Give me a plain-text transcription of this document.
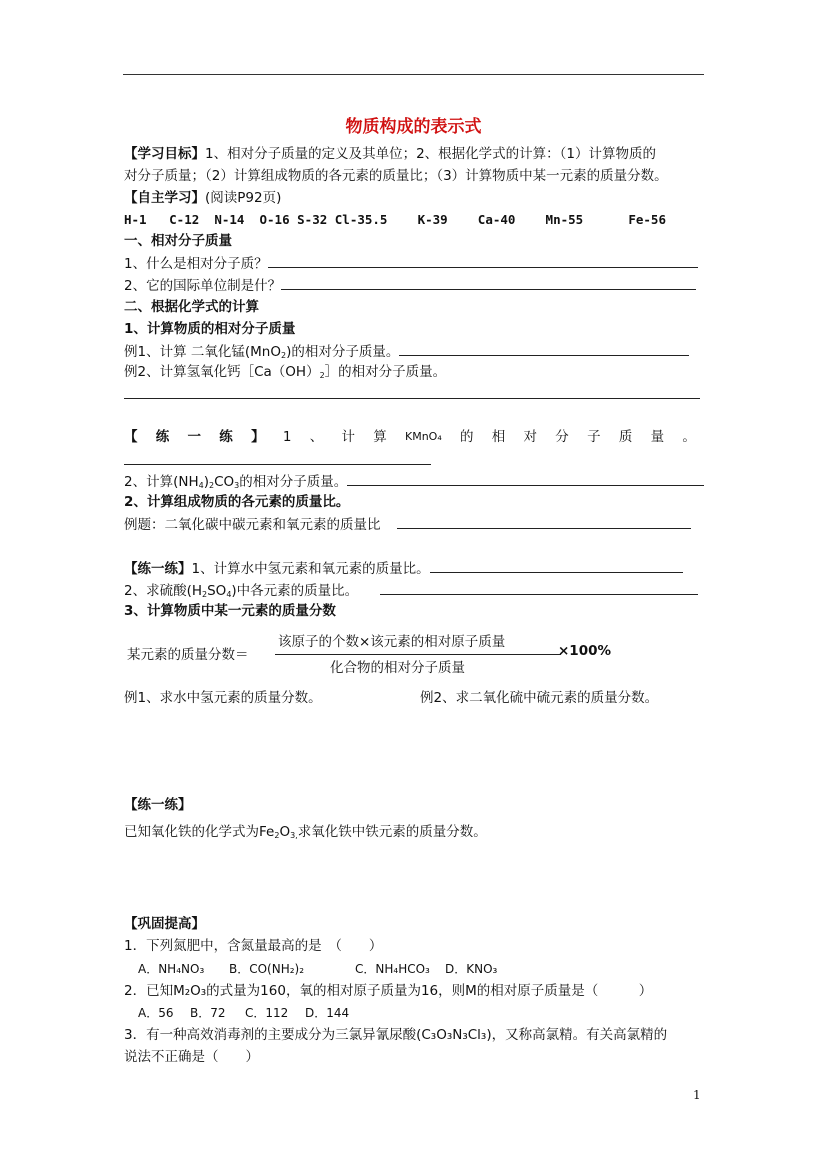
物质构成的表示式
【学习目标】1、相对分子质量的定义及其单位；2、根据化学式的计算：（1）计算物质的
对分子质量；（2）计算组成物质的各元素的质量比；（3）计算物质中某一元素的质量分数。
【自主学习】(阅读P92页)
H-1 C-12 N-14 O-16 S-32 Cl-35.5 K-39 Ca-40 Mn-55	Fe-56
一、相对分子质量
1、什么是相对分子质？
2、它的国际单位制是什？
二、根据化学式的计算
1、计算物质的相对分子质量
例1、计算 二氧化锰(MnO$_2$)的相对分子质量。
例2、计算氢氧化钙$[Ca(OH)_2]$的相对分子质量。
【 练 一 练 】 1 、 计 算 KMnO₄ 的 相 对 分 子 质 量 。
2、计算$(NH_4)_2CO_3$的相对分子质量。
2、计算组成物质的各元素的质量比。
例题：二氧化碳中碳元素和氧元素的质量比
【练一练】1、计算水中氢元素和氧元素的质量比。
2、求硫酸$(H_2SO_4)$中各元素的质量比。
3、计算物质中某一元素的质量分数
某元素的质量分数＝
该原子的个数×该元素的相对原子质量
化合物的相对分子质量
×100%
例1、求水中氢元素的质量分数。	例2、求二氧化硫中硫元素的质量分数。
【练一练】
已知氧化铁的化学式为$Fe_2O_{3,}$求氧化铁中铁元素的质量分数。
【巩固提高】
1．下列氮肥中，含氮量最高的是　（　　）
A．NH₄NO₃ B．CO(NH₂)₂	C．NH₄HCO₃ D．KNO₃
2．已知M₂O₃的式量为160，氧的相对原子质量为16，则M的相对原子质量是（　　　）
A．56 B．72 C．112 D．144
3．有一种高效消毒剂的主要成分为三氯异氰尿酸(C₃O₃N₃Cl₃)，又称高氯精。有关高氯精的
说法不正确是（　　）
1
